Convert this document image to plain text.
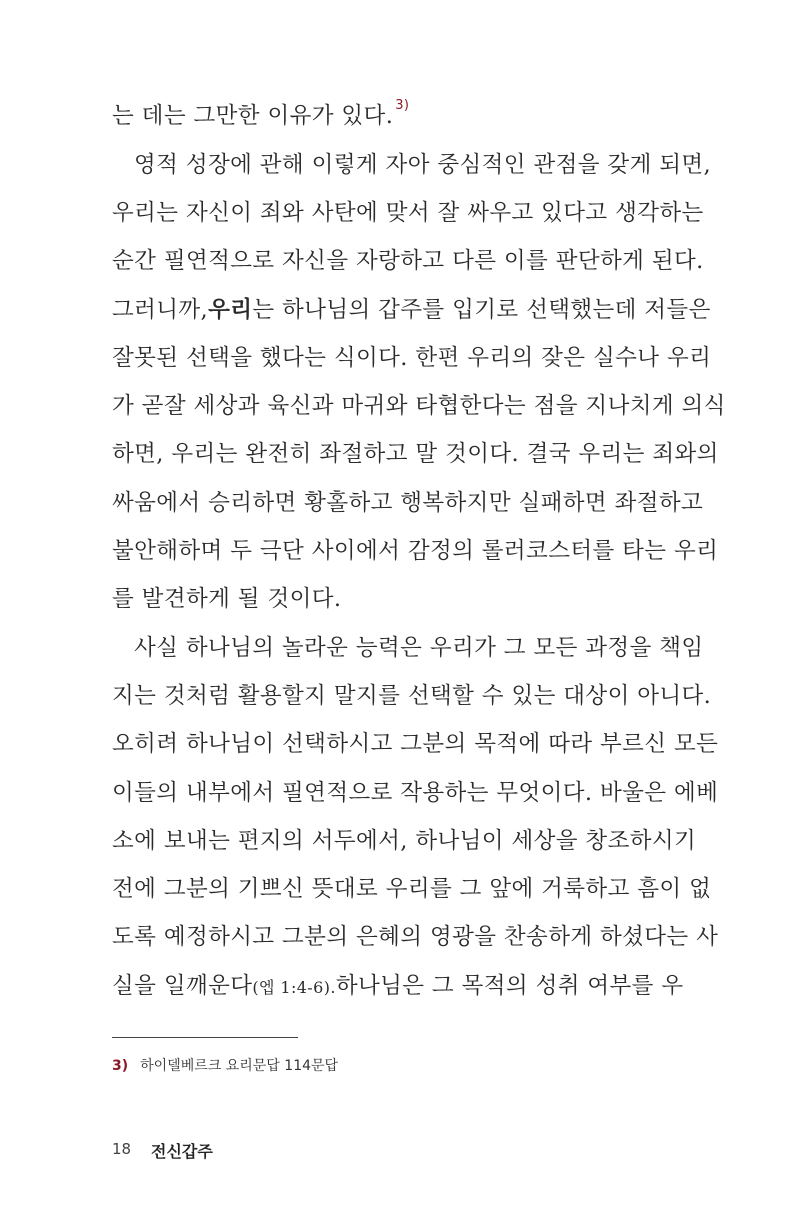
는 데는 그만한 이유가 있다. 3)
영적 성장에 관해 이렇게 자아 중심적인 관점을 갖게 되면,
우리는 자신이 죄와 사탄에 맞서 잘 싸우고 있다고 생각하는
순간 필연적으로 자신을 자랑하고 다른 이를 판단하게 된다.
그러니까, 우리는 하나님의 갑주를 입기로 선택했는데 저들은
잘못된 선택을 했다는 식이다. 한편 우리의 잦은 실수나 우리
가 곧잘 세상과 육신과 마귀와 타협한다는 점을 지나치게 의식
하면, 우리는 완전히 좌절하고 말 것이다. 결국 우리는 죄와의
싸움에서 승리하면 황홀하고 행복하지만 실패하면 좌절하고
불안해하며 두 극단 사이에서 감정의 롤러코스터를 타는 우리
를 발견하게 될 것이다.
사실 하나님의 놀라운 능력은 우리가 그 모든 과정을 책임
지는 것처럼 활용할지 말지를 선택할 수 있는 대상이 아니다.
오히려 하나님이 선택하시고 그분의 목적에 따라 부르신 모든
이들의 내부에서 필연적으로 작용하는 무엇이다. 바울은 에베
소에 보내는 편지의 서두에서, 하나님이 세상을 창조하시기
전에 그분의 기쁘신 뜻대로 우리를 그 앞에 거룩하고 흠이 없
도록 예정하시고 그분의 은혜의 영광을 찬송하게 하셨다는 사
실을 일깨운다(엡 1:4-6). 하나님은 그 목적의 성취 여부를 우
3) 하이델베르크 요리문답 114문답
18 전신갑주
